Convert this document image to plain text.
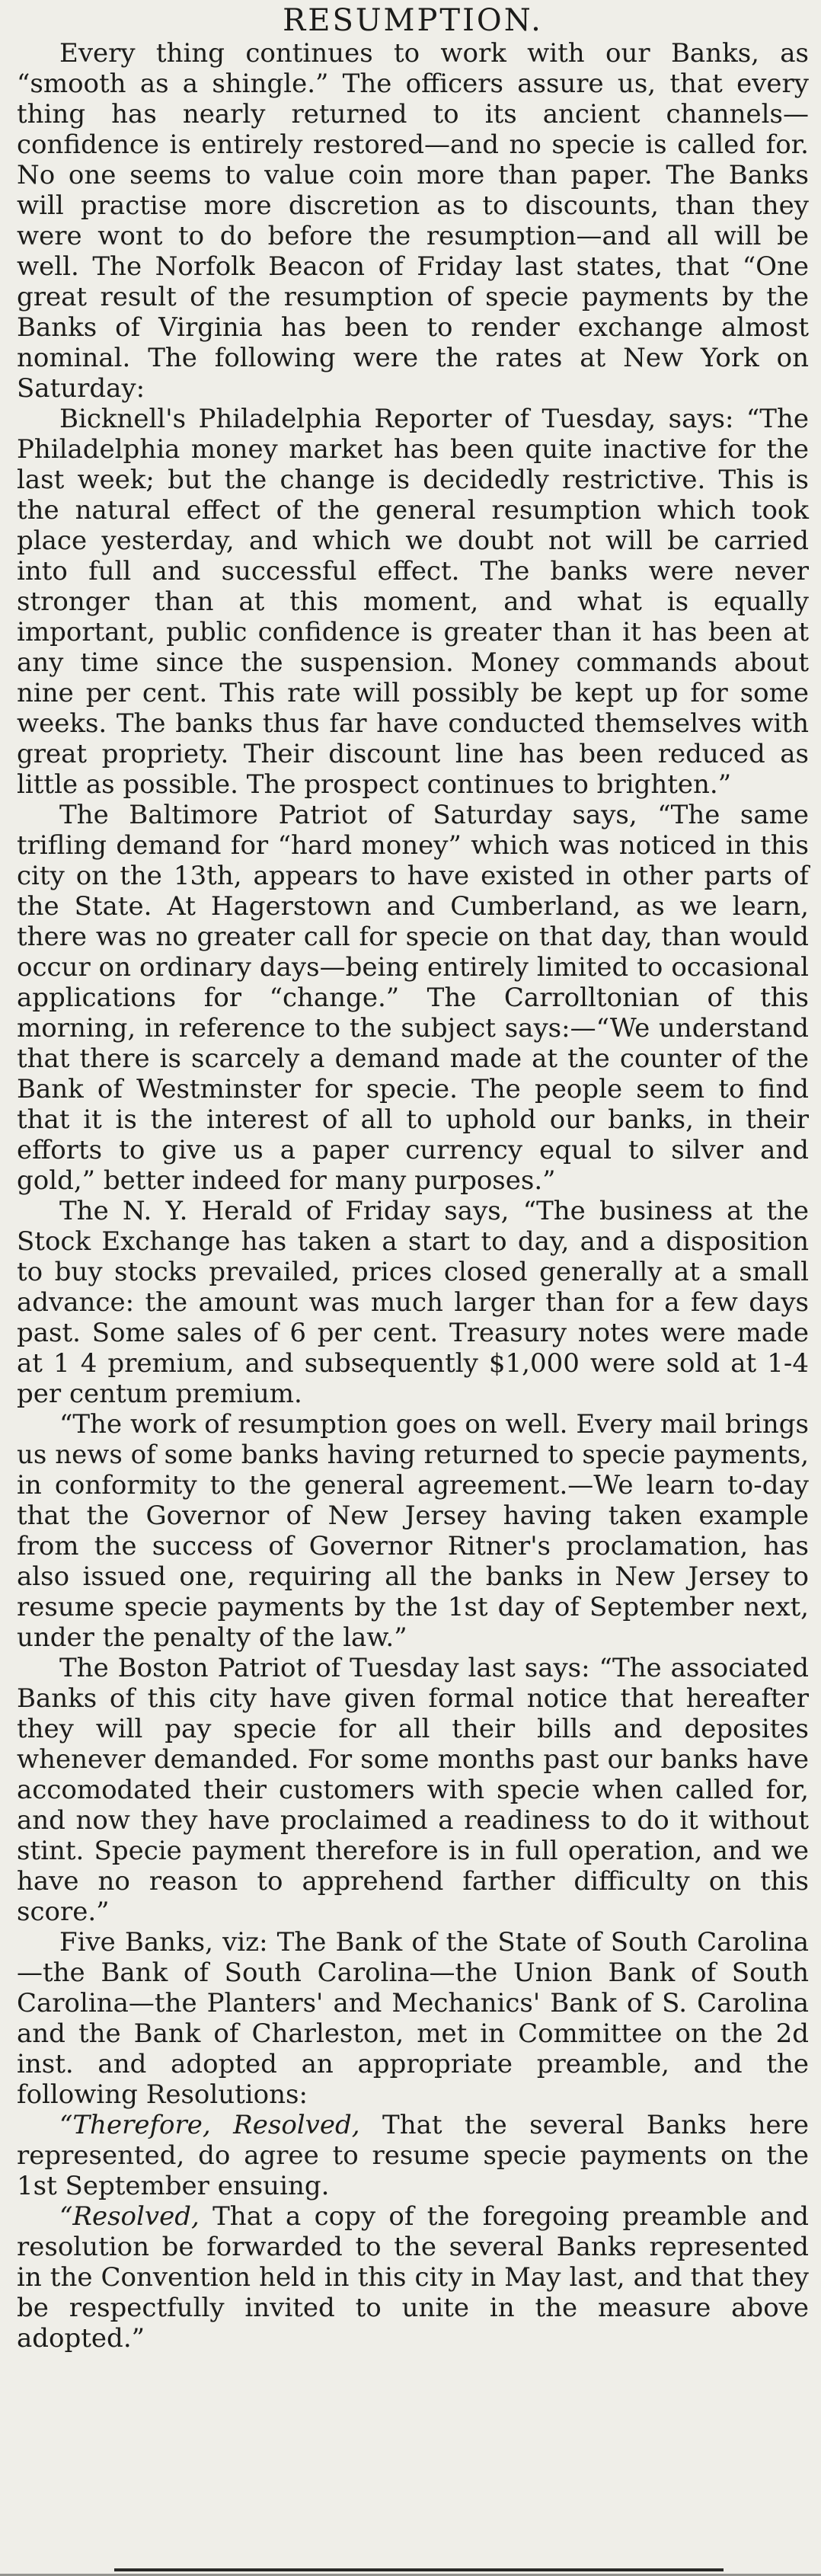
RESUMPTION.

Every thing continues to work with our Banks, as “smooth as a shingle.” The officers assure us, that every thing has nearly returned to its ancient channels—confidence is entirely restored—and no specie is called for. No one seems to value coin more than paper. The Banks will practise more discretion as to discounts, than they were wont to do before the resumption—and all will be well. The Norfolk Beacon of Friday last states, that “One great result of the resumption of specie payments by the Banks of Virginia has been to render exchange almost nominal. The following were the rates at New York on Saturday:

Bicknell's Philadelphia Reporter of Tuesday, says: “The Philadelphia money market has been quite inactive for the last week; but the change is decidedly restrictive. This is the natural effect of the general resumption which took place yesterday, and which we doubt not will be carried into full and successful effect. The banks were never stronger than at this moment, and what is equally important, public confidence is greater than it has been at any time since the suspension. Money commands about nine per cent. This rate will possibly be kept up for some weeks. The banks thus far have conducted themselves with great propriety. Their discount line has been reduced as little as possible. The prospect continues to brighten.”

The Baltimore Patriot of Saturday says, “The same trifling demand for “hard money” which was noticed in this city on the 13th, appears to have existed in other parts of the State. At Hagerstown and Cumberland, as we learn, there was no greater call for specie on that day, than would occur on ordinary days—being entirely limited to occasional applications for “change.” The Carrolltonian of this morning, in reference to the subject says:—“We understand that there is scarcely a demand made at the counter of the Bank of Westminster for specie. The people seem to find that it is the interest of all to uphold our banks, in their efforts to give us a paper currency equal to silver and gold,” better indeed for many purposes.”

The N. Y. Herald of Friday says, “The business at the Stock Exchange has taken a start to day, and a disposition to buy stocks prevailed, prices closed generally at a small advance: the amount was much larger than for a few days past. Some sales of 6 per cent. Treasury notes were made at 1 4 premium, and subsequently $1,000 were sold at 1-4 per centum premium.

“The work of resumption goes on well. Every mail brings us news of some banks having returned to specie payments, in conformity to the general agreement.—We learn to-day that the Governor of New Jersey having taken example from the success of Governor Ritner's proclamation, has also issued one, requiring all the banks in New Jersey to resume specie payments by the 1st day of September next, under the penalty of the law.”

The Boston Patriot of Tuesday last says: “The associated Banks of this city have given formal notice that hereafter they will pay specie for all their bills and deposites whenever demanded. For some months past our banks have accomodated their customers with specie when called for, and now they have proclaimed a readiness to do it without stint. Specie payment therefore is in full operation, and we have no reason to apprehend farther difficulty on this score.”

Five Banks, viz: The Bank of the State of South Carolina—the Bank of South Carolina—the Union Bank of South Carolina—the Planters' and Mechanics' Bank of S. Carolina and the Bank of Charleston, met in Committee on the 2d inst. and adopted an appropriate preamble, and the following Resolutions:

“Therefore, Resolved, That the several Banks here represented, do agree to resume specie payments on the 1st September ensuing.

“Resolved, That a copy of the foregoing preamble and resolution be forwarded to the several Banks represented in the Convention held in this city in May last, and that they be respectfully invited to unite in the measure above adopted.”
